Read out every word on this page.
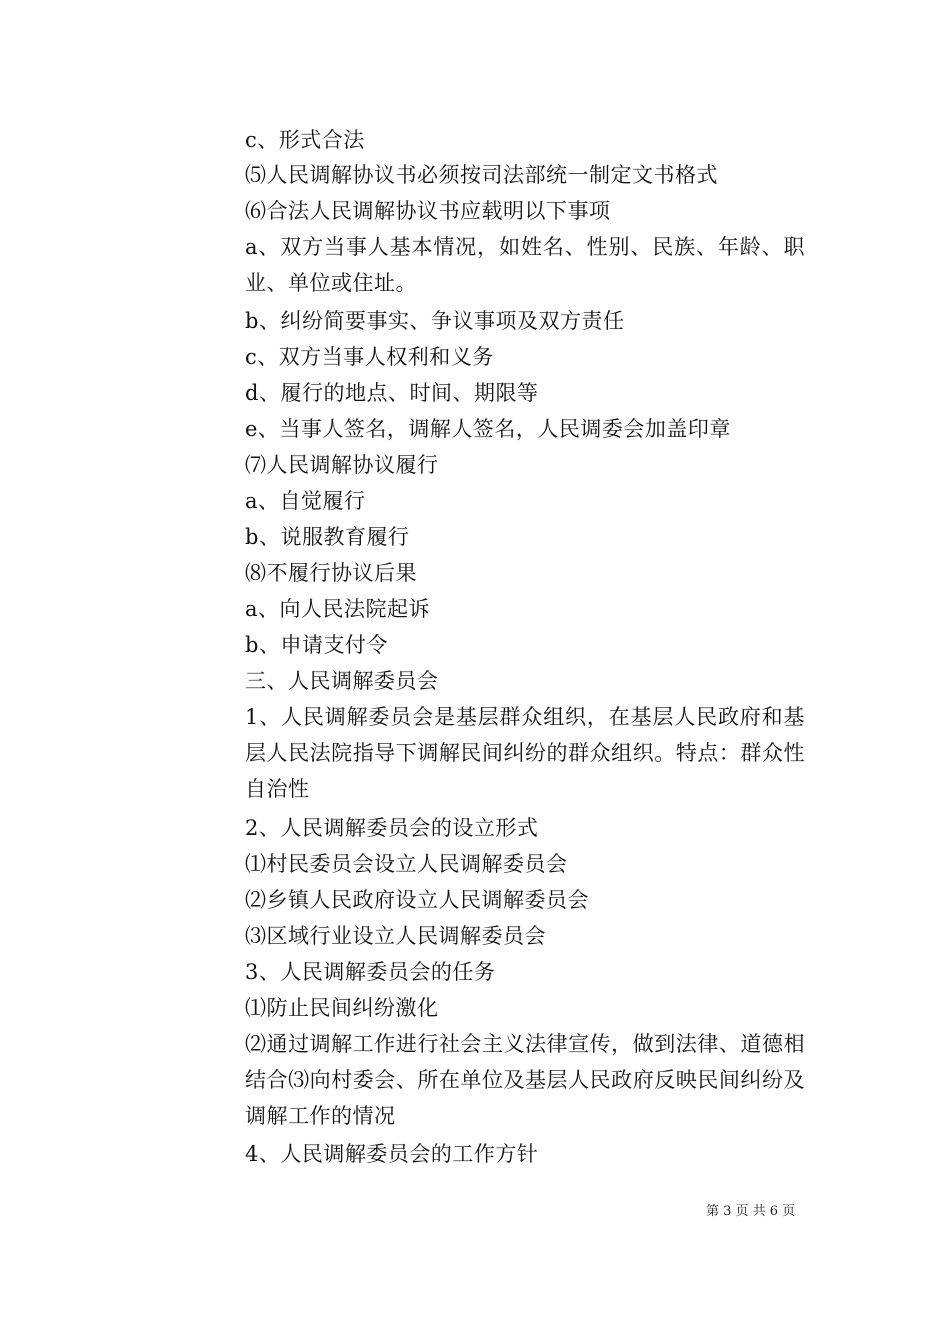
c、形式合法
⑸人民调解协议书必须按司法部统一制定文书格式
⑹合法人民调解协议书应载明以下事项
a、双方当事人基本情况，如姓名、性别、民族、年龄、职业、单位或住址。
b、纠纷简要事实、争议事项及双方责任
c、双方当事人权利和义务
d、履行的地点、时间、期限等
e、当事人签名，调解人签名，人民调委会加盖印章
⑺人民调解协议履行
a、自觉履行
b、说服教育履行
⑻不履行协议后果
a、向人民法院起诉
b、申请支付令
三、人民调解委员会
1、人民调解委员会是基层群众组织，在基层人民政府和基层人民法院指导下调解民间纠纷的群众组织。特点：群众性自治性
2、人民调解委员会的设立形式
⑴村民委员会设立人民调解委员会
⑵乡镇人民政府设立人民调解委员会
⑶区域行业设立人民调解委员会
3、人民调解委员会的任务
⑴防止民间纠纷激化
⑵通过调解工作进行社会主义法律宣传，做到法律、道德相结合⑶向村委会、所在单位及基层人民政府反映民间纠纷及调解工作的情况
4、人民调解委员会的工作方针
第 3 页 共 6 页
